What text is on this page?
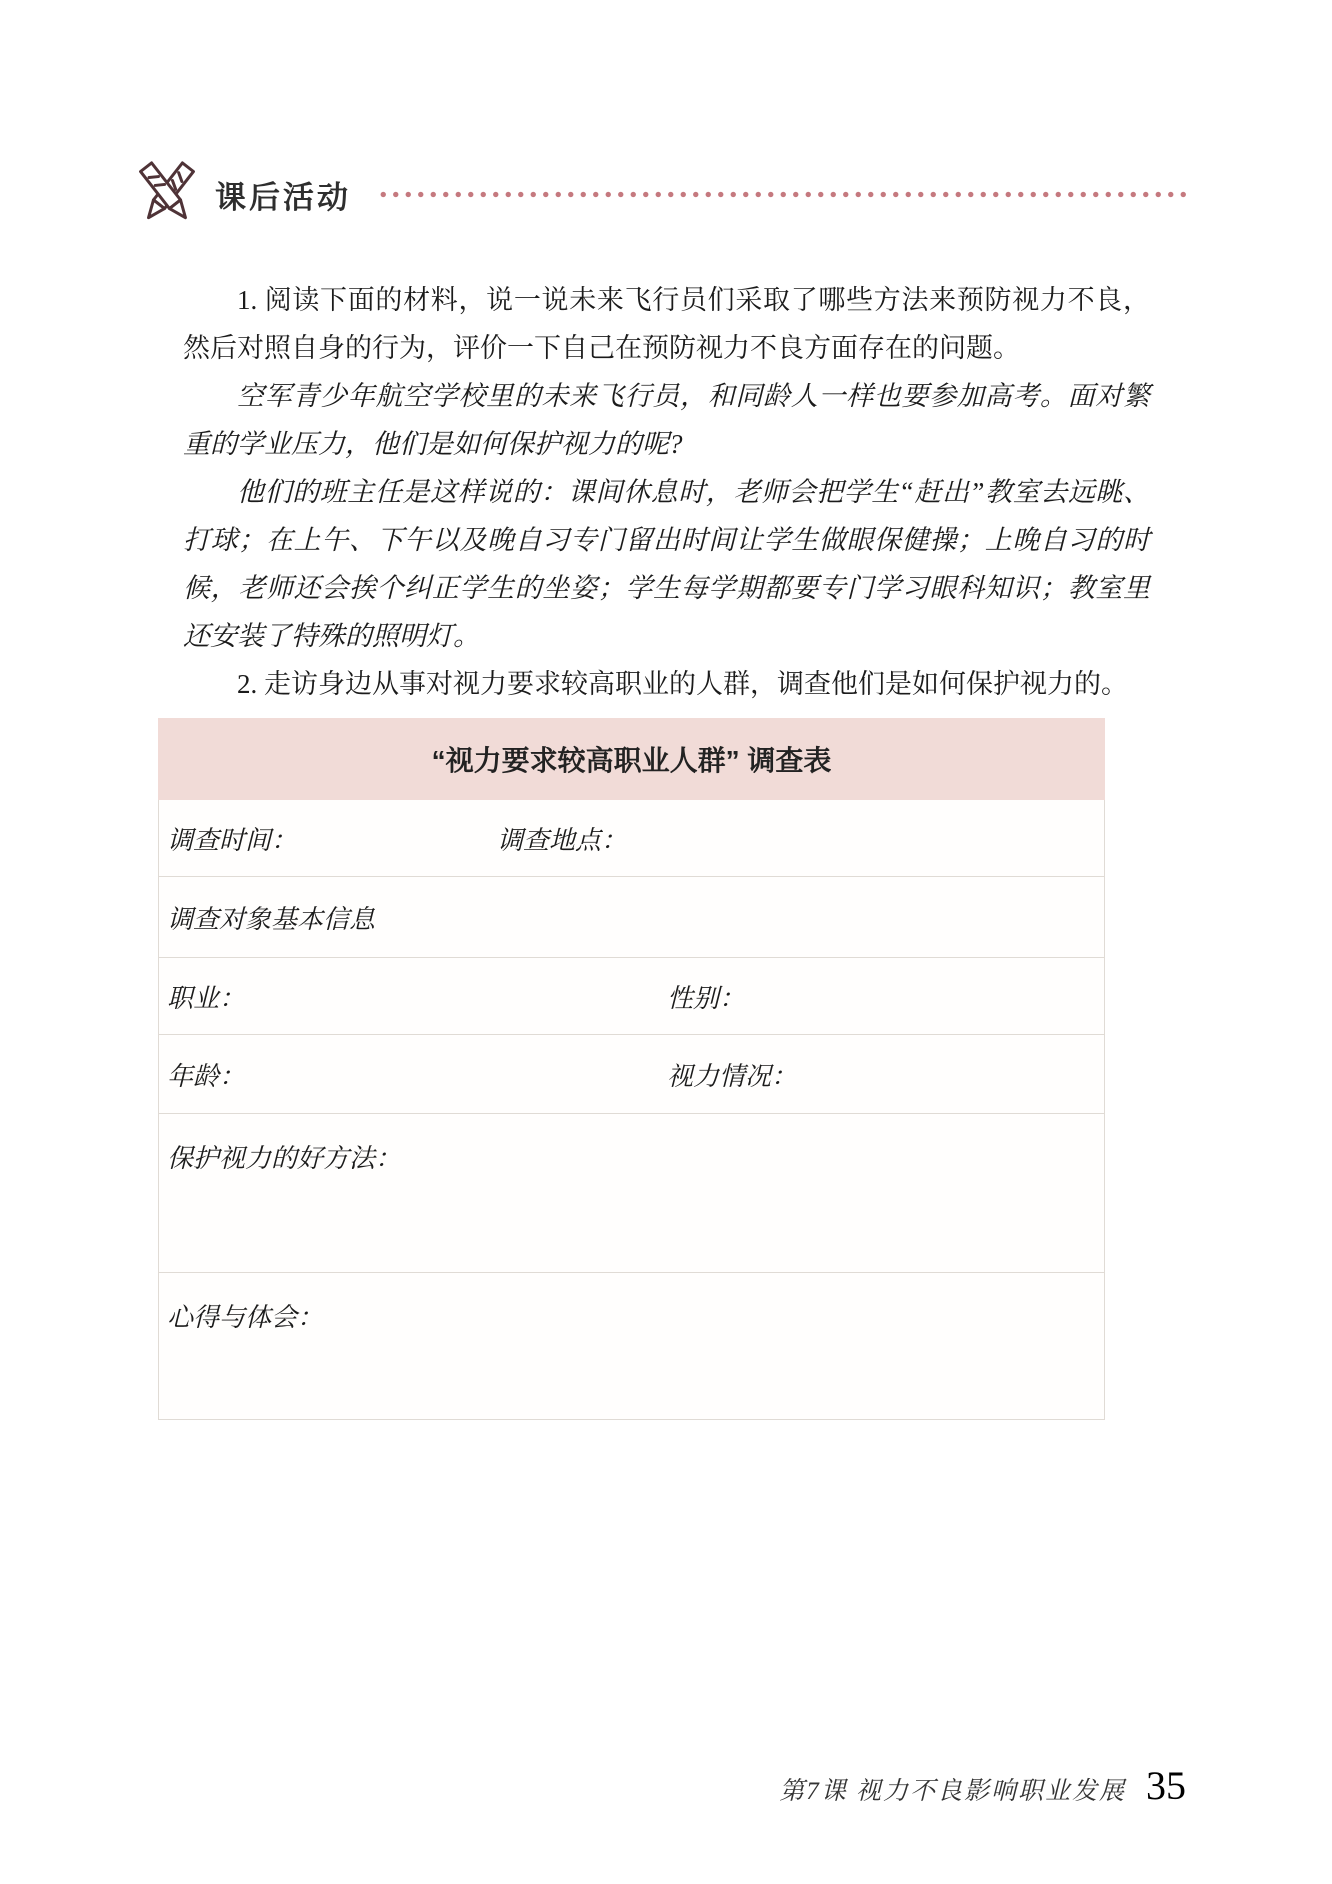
课后活动

1. 阅读下面的材料，说一说未来飞行员们采取了哪些方法来预防视力不良，然后对照自身的行为，评价一下自己在预防视力不良方面存在的问题。

空军青少年航空学校里的未来飞行员，和同龄人一样也要参加高考。面对繁重的学业压力，他们是如何保护视力的呢?

他们的班主任是这样说的：课间休息时，老师会把学生“赶出”教室去远眺、打球；在上午、下午以及晚自习专门留出时间让学生做眼保健操；上晚自习的时候，老师还会挨个纠正学生的坐姿；学生每学期都要专门学习眼科知识；教室里还安装了特殊的照明灯。

2. 走访身边从事对视力要求较高职业的人群，调查他们是如何保护视力的。

“视力要求较高职业人群” 调查表
调查时间：	调查地点：
调查对象基本信息
职业：	性别：
年龄：	视力情况：
保护视力的好方法：
心得与体会：
第7课 视力不良影响职业发展 35
